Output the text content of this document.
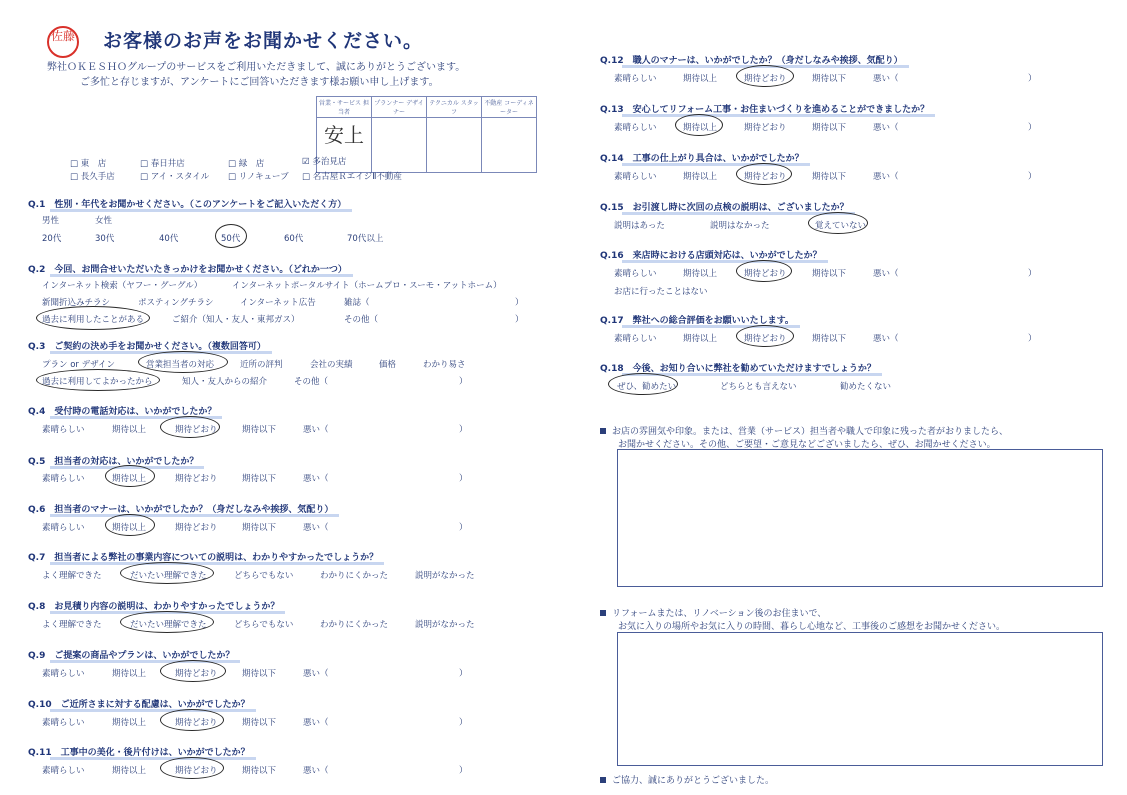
佐藤 お客様のお声をお聞かせください。
弊社ＯＫＥＳＨＯグループのサービスをご利用いただきまして、誠にありがとうございます。
ご多忙と存じますが、アンケートにご回答いただきます様お願い申し上げます。
営業・サービス 担当者	プランナー デザイナー	テクニカル スタッフ	不動産 コーディネーター
安上			
□ 東　店	□ 春日井店	□ 緑　店	☑ 多治見店
□ 長久手店	□ アイ・スタイル □ リノキューブ □ 名古屋ＲエイジⅡ不動産
Q.1　性別・年代をお聞かせください。（このアンケートをご記入いただく方）
男性	女性
20代	30代	40代	50代	60代	70代以上
Q.2　今回、お問合せいただいたきっかけをお聞かせください。（どれか一つ）
インターネット検索（ヤフー・グーグル）	インターネットポータルサイト（ホームプロ・スーモ・アットホーム）
新聞折込みチラシ	ポスティングチラシ	インターネット広告	雑誌（	）
過去に利用したことがある	ご紹介（知人・友人・東邦ガス）	その他（	）
Q.3　ご契約の決め手をお聞かせください。（複数回答可）
プラン or デザイン	営業担当者の対応	近所の評判	会社の実績	価格	わかり易さ
過去に利用してよかったから	知人・友人からの紹介	その他（	）
Q.4　受付時の電話対応は、いかがでしたか？
素晴らしい	期待以上	期待どおり	期待以下	悪い（	）
Q.5　担当者の対応は、いかがでしたか？
素晴らしい	期待以上	期待どおり	期待以下	悪い（	）
Q.6　担当者のマナーは、いかがでしたか？（身だしなみや挨拶、気配り）
素晴らしい	期待以上	期待どおり	期待以下	悪い（	）
Q.7　担当者による弊社の事業内容についての説明は、わかりやすかったでしょうか？
よく理解できた	だいたい理解できた	どちらでもない	わかりにくかった	説明がなかった
Q.8　お見積り内容の説明は、わかりやすかったでしょうか？
よく理解できた	だいたい理解できた	どちらでもない	わかりにくかった	説明がなかった
Q.9　ご提案の商品やプランは、いかがでしたか？
素晴らしい	期待以上	期待どおり	期待以下	悪い（	）
Q.10　ご近所さまに対する配慮は、いかがでしたか？
素晴らしい	期待以上	期待どおり	期待以下	悪い（	）
Q.11　工事中の美化・後片付けは、いかがでしたか？
素晴らしい	期待以上	期待どおり	期待以下	悪い（	）
Q.12　職人のマナーは、いかがでしたか？（身だしなみや挨拶、気配り）
素晴らしい	期待以上	期待どおり	期待以下	悪い（	）
Q.13　安心してリフォーム工事・お住まいづくりを進めることができましたか？
素晴らしい	期待以上	期待どおり	期待以下	悪い（	）
Q.14　工事の仕上がり具合は、いかがでしたか？
素晴らしい	期待以上	期待どおり	期待以下	悪い（	）
Q.15　お引渡し時に次回の点検の説明は、ございましたか？
説明はあった	説明はなかった	覚えていない
Q.16　来店時における店頭対応は、いかがでしたか？
素晴らしい	期待以上	期待どおり	期待以下	悪い（	）
お店に行ったことはない
Q.17　弊社への総合評価をお願いいたします。
素晴らしい	期待以上	期待どおり	期待以下	悪い（	）
Q.18　今後、お知り合いに弊社を勧めていただけますでしょうか？
ぜひ、勧めたい	どちらとも言えない	勧めたくない
お店の雰囲気や印象。または、営業（サービス）担当者や職人で印象に残った者がおりましたら、
お聞かせください。その他、ご要望・ご意見などございましたら、ぜひ、お聞かせください。
リフォームまたは、リノベーション後のお住まいで、
お気に入りの場所やお気に入りの時間、暮らし心地など、工事後のご感想をお聞かせください。
ご協力、誠にありがとうございました。
